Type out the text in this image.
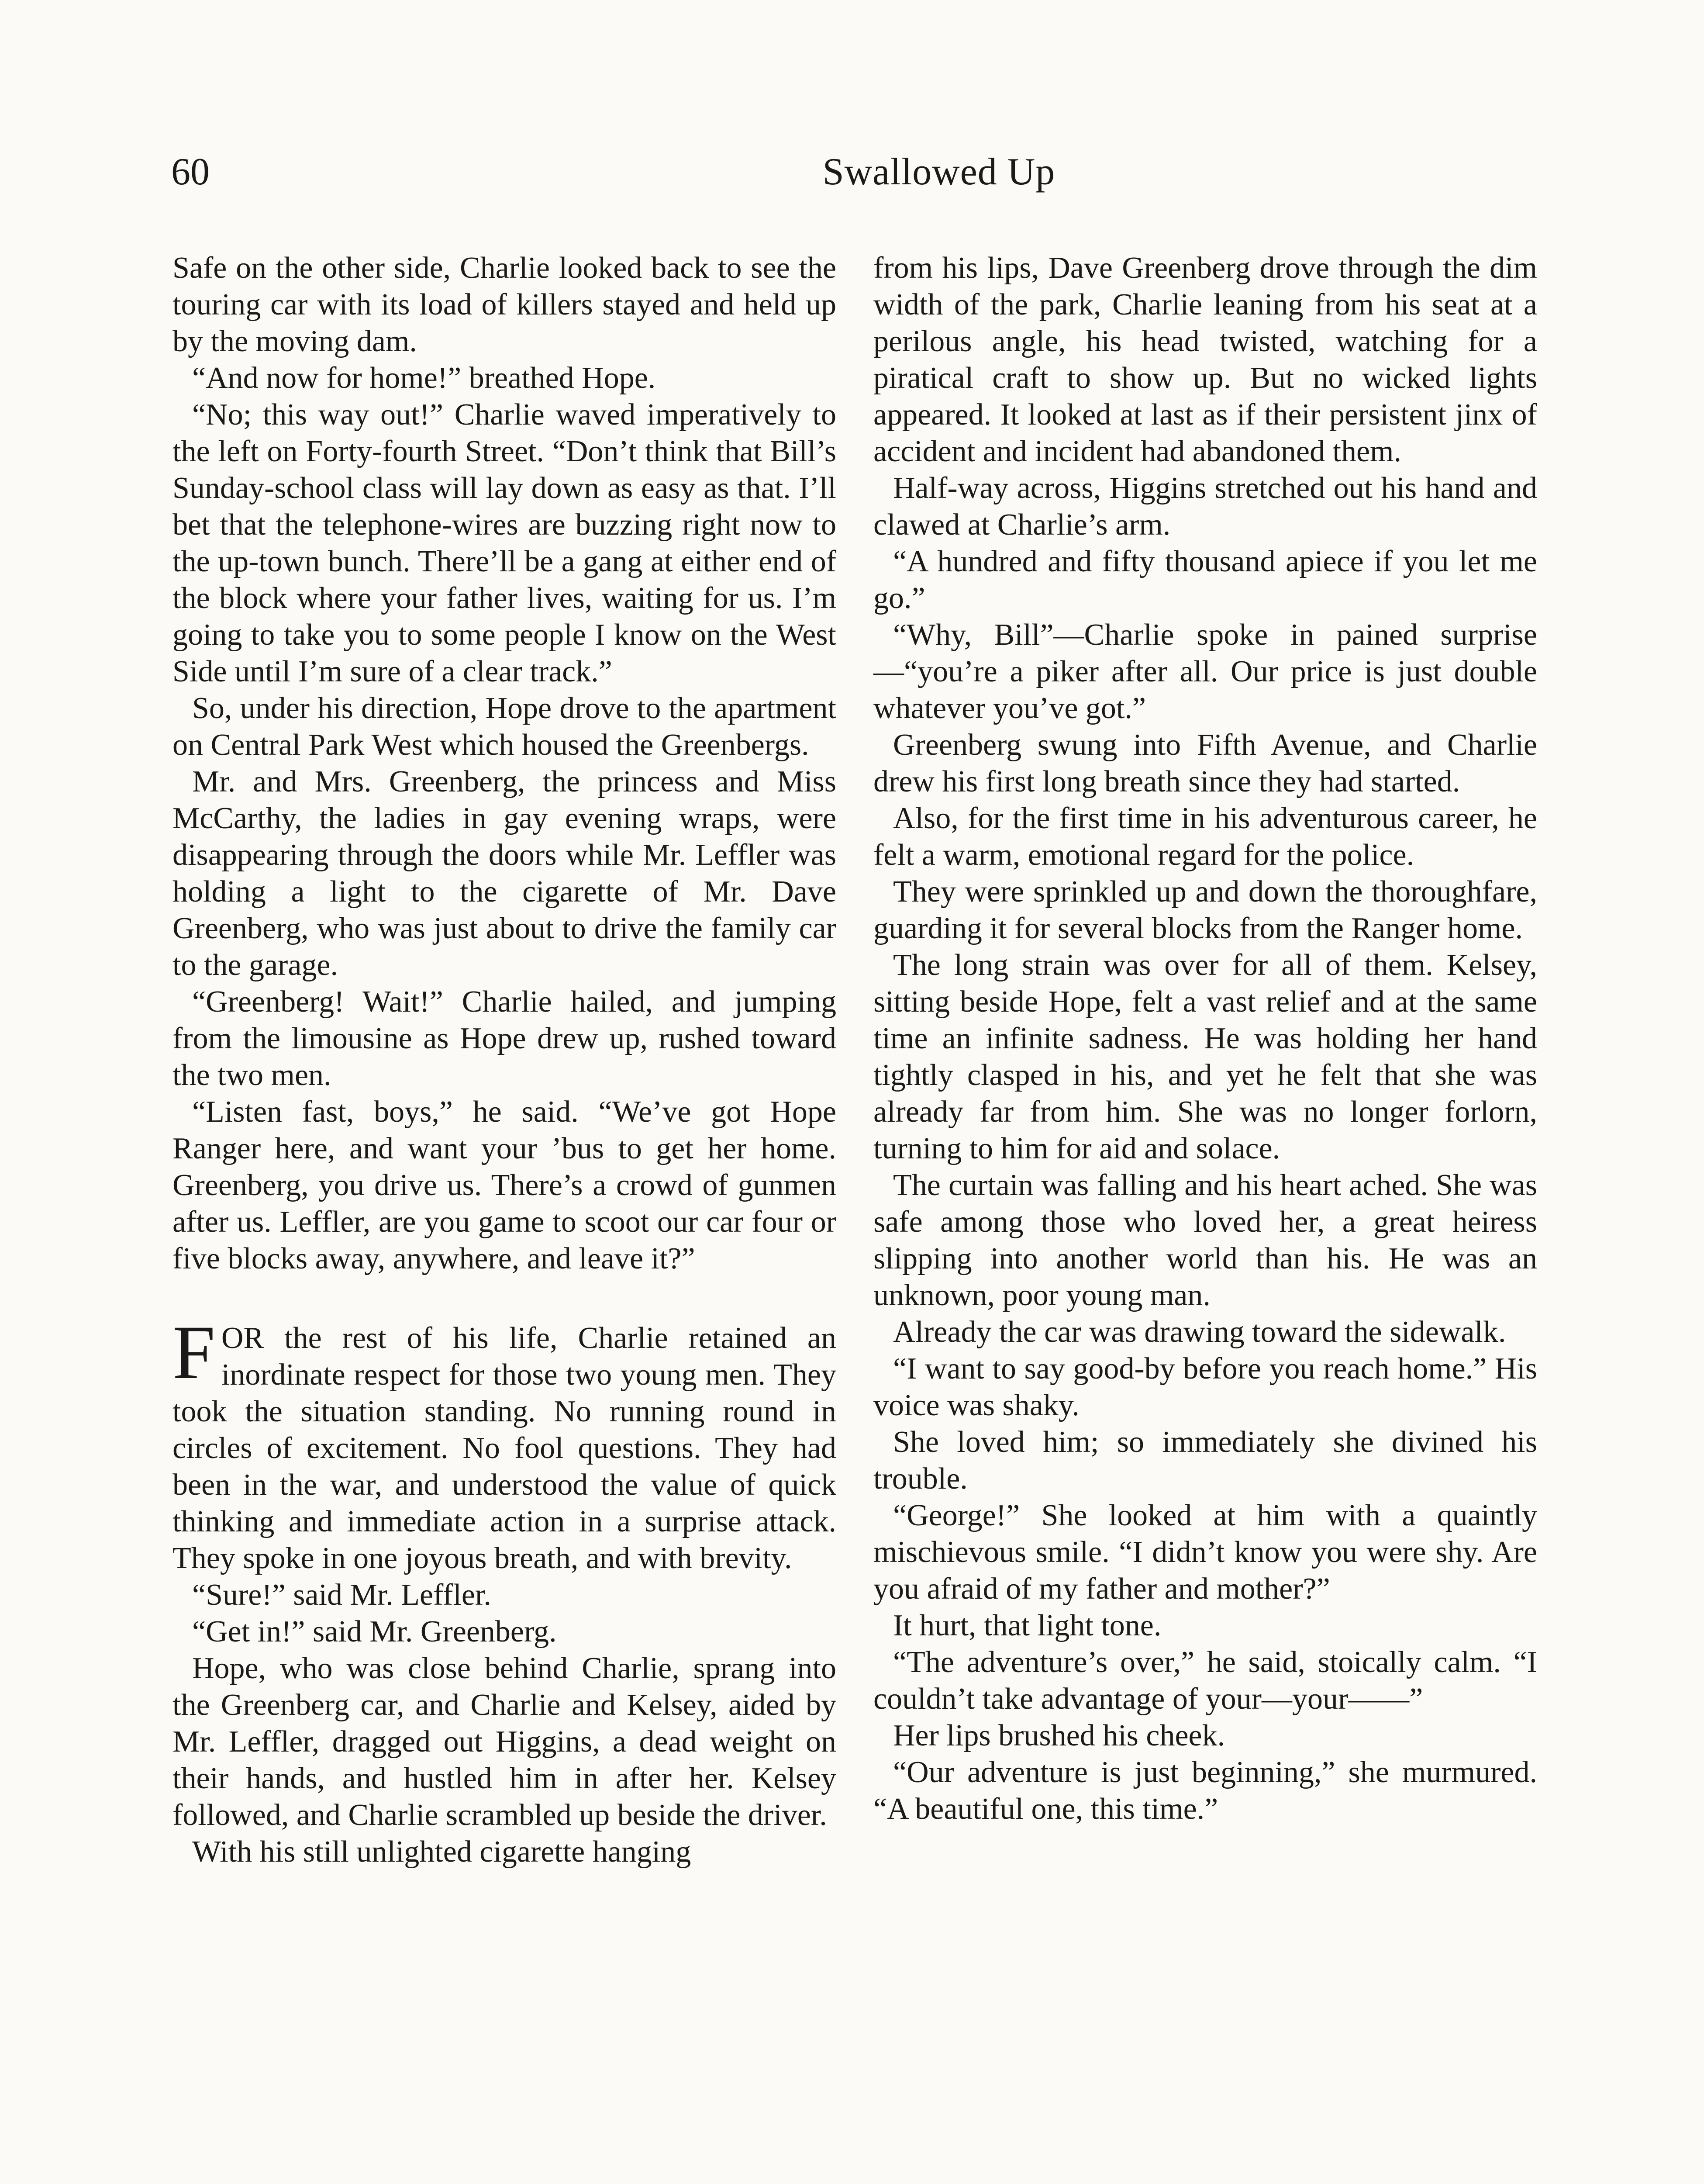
60	Swallowed Up

Safe on the other side, Charlie looked back to see the touring car with its load of killers stayed and held up by the moving dam.

“And now for home!” breathed Hope.

“No; this way out!” Charlie waved imperatively to the left on Forty-fourth Street. “Don’t think that Bill’s Sunday-school class will lay down as easy as that. I’ll bet that the telephone-wires are buzzing right now to the up-town bunch. There’ll be a gang at either end of the block where your father lives, waiting for us. I’m going to take you to some people I know on the West Side until I’m sure of a clear track.”

So, under his direction, Hope drove to the apartment on Central Park West which housed the Greenbergs.

Mr. and Mrs. Greenberg, the princess and Miss McCarthy, the ladies in gay evening wraps, were disappearing through the doors while Mr. Leffler was holding a light to the cigarette of Mr. Dave Greenberg, who was just about to drive the family car to the garage.

“Greenberg! Wait!” Charlie hailed, and jumping from the limousine as Hope drew up, rushed toward the two men.

“Listen fast, boys,” he said. “We’ve got Hope Ranger here, and want your ’bus to get her home. Greenberg, you drive us. There’s a crowd of gunmen after us. Leffler, are you game to scoot our car four or five blocks away, anywhere, and leave it?”

FOR the rest of his life, Charlie retained an inordinate respect for those two young men. They took the situation standing. No running round in circles of excitement. No fool questions. They had been in the war, and understood the value of quick thinking and immediate action in a surprise attack. They spoke in one joyous breath, and with brevity.

“Sure!” said Mr. Leffler.

“Get in!” said Mr. Greenberg.

Hope, who was close behind Charlie, sprang into the Greenberg car, and Charlie and Kelsey, aided by Mr. Leffler, dragged out Higgins, a dead weight on their hands, and hustled him in after her. Kelsey followed, and Charlie scrambled up beside the driver.

With his still unlighted cigarette hanging

from his lips, Dave Greenberg drove through the dim width of the park, Charlie leaning from his seat at a perilous angle, his head twisted, watching for a piratical craft to show up. But no wicked lights appeared. It looked at last as if their persistent jinx of accident and incident had abandoned them.

Half-way across, Higgins stretched out his hand and clawed at Charlie’s arm.

“A hundred and fifty thousand apiece if you let me go.”

“Why, Bill”—Charlie spoke in pained surprise—“you’re a piker after all. Our price is just double whatever you’ve got.”

Greenberg swung into Fifth Avenue, and Charlie drew his first long breath since they had started.

Also, for the first time in his adventurous career, he felt a warm, emotional regard for the police.

They were sprinkled up and down the thoroughfare, guarding it for several blocks from the Ranger home.

The long strain was over for all of them. Kelsey, sitting beside Hope, felt a vast relief and at the same time an infinite sadness. He was holding her hand tightly clasped in his, and yet he felt that she was already far from him. She was no longer forlorn, turning to him for aid and solace.

The curtain was falling and his heart ached. She was safe among those who loved her, a great heiress slipping into another world than his. He was an unknown, poor young man.

Already the car was drawing toward the sidewalk.

“I want to say good-by before you reach home.” His voice was shaky.

She loved him; so immediately she divined his trouble.

“George!” She looked at him with a quaintly mischievous smile. “I didn’t know you were shy. Are you afraid of my father and mother?”

It hurt, that light tone.

“The adventure’s over,” he said, stoically calm. “I couldn’t take advantage of your—your——”

Her lips brushed his cheek.

“Our adventure is just beginning,” she murmured. “A beautiful one, this time.”
